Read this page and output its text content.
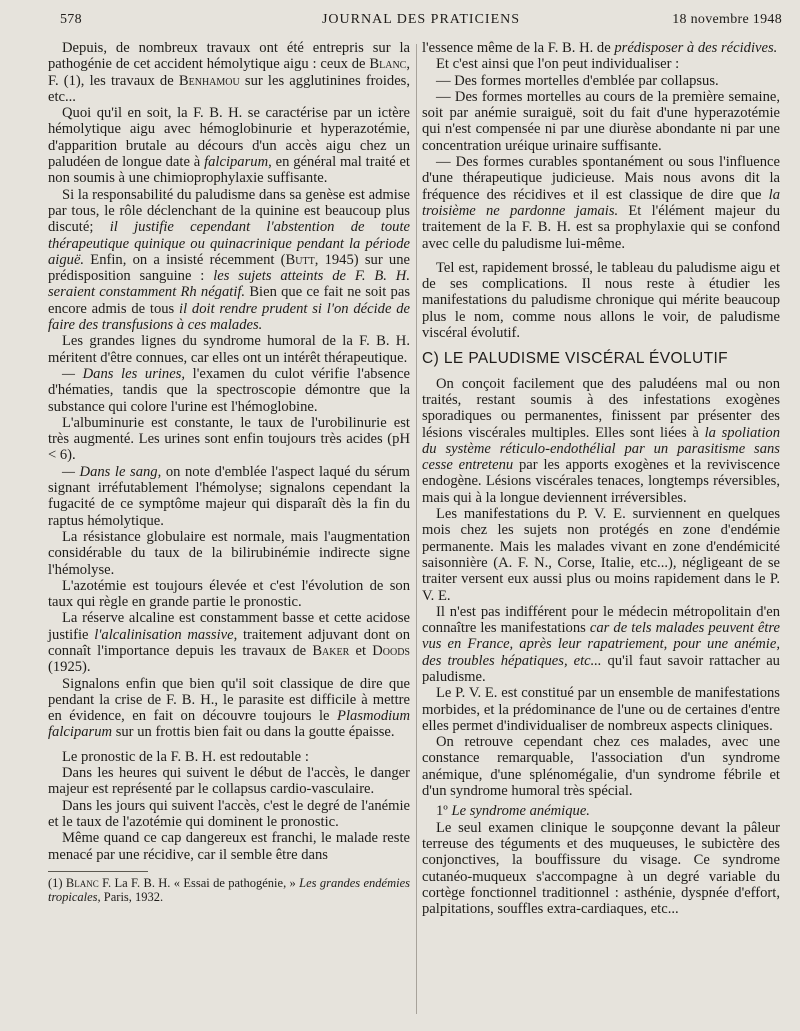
578	JOURNAL DES PRATICIENS	18 novembre 1948

Depuis, de nombreux travaux ont été entrepris sur la pathogénie de cet accident hémolytique aigu : ceux de Blanc, F. (1), les travaux de Benhamou sur les agglutinines froides, etc...

Quoi qu'il en soit, la F. B. H. se caractérise par un ictère hémolytique aigu avec hémoglobinurie et hyperazotémie, d'apparition brutale au décours d'un accès aigu chez un paludéen de longue date à falciparum, en général mal traité et non soumis à une chimioprophylaxie suffisante.

Si la responsabilité du paludisme dans sa genèse est admise par tous, le rôle déclenchant de la quinine est beaucoup plus discuté; il justifie cependant l'abstention de toute thérapeutique quinique ou quinacrinique pendant la période aiguë. Enfin, on a insisté récemment (Butt, 1945) sur une prédisposition sanguine : les sujets atteints de F. B. H. seraient constamment Rh négatif. Bien que ce fait ne soit pas encore admis de tous il doit rendre prudent si l'on décide de faire des transfusions à ces malades.

Les grandes lignes du syndrome humoral de la F. B. H. méritent d'être connues, car elles ont un intérêt thérapeutique.

— Dans les urines, l'examen du culot vérifie l'absence d'hématies, tandis que la spectroscopie démontre que la substance qui colore l'urine est l'hémoglobine.

L'albuminurie est constante, le taux de l'urobilinurie est très augmenté. Les urines sont enfin toujours très acides (pH < 6).

— Dans le sang, on note d'emblée l'aspect laqué du sérum signant irréfutablement l'hémolyse; signalons cependant la fugacité de ce symptôme majeur qui disparaît dès la fin du raptus hémolytique.

La résistance globulaire est normale, mais l'augmentation considérable du taux de la bilirubinémie indirecte signe l'hémolyse.

L'azotémie est toujours élevée et c'est l'évolution de son taux qui règle en grande partie le pronostic.

La réserve alcaline est constamment basse et cette acidose justifie l'alcalinisation massive, traitement adjuvant dont on connaît l'importance depuis les travaux de Baker et Doods (1925).

Signalons enfin que bien qu'il soit classique de dire que pendant la crise de F. B. H., le parasite est difficile à mettre en évidence, en fait on découvre toujours le Plasmodium falciparum sur un frottis bien fait ou dans la goutte épaisse.

Le pronostic de la F. B. H. est redoutable :

Dans les heures qui suivent le début de l'accès, le danger majeur est représenté par le collapsus cardio-vasculaire.

Dans les jours qui suivent l'accès, c'est le degré de l'anémie et le taux de l'azotémie qui dominent le pronostic.

Même quand ce cap dangereux est franchi, le malade reste menacé par une récidive, car il semble être dans

(1) Blanc F. La F. B. H. « Essai de pathogénie, » Les grandes endémies tropicales, Paris, 1932.

l'essence même de la F. B. H. de prédisposer à des récidives.

Et c'est ainsi que l'on peut individualiser :

— Des formes mortelles d'emblée par collapsus.

— Des formes mortelles au cours de la première semaine, soit par anémie suraiguë, soit du fait d'une hyperazotémie qui n'est compensée ni par une diurèse abondante ni par une concentration uréique urinaire suffisante.

— Des formes curables spontanément ou sous l'influence d'une thérapeutique judicieuse. Mais nous avons dit la fréquence des récidives et il est classique de dire que la troisième ne pardonne jamais. Et l'élément majeur du traitement de la F. B. H. est sa prophylaxie qui se confond avec celle du paludisme lui-même.

Tel est, rapidement brossé, le tableau du paludisme aigu et de ses complications. Il nous reste à étudier les manifestations du paludisme chronique qui mérite beaucoup plus le nom, comme nous allons le voir, de paludisme viscéral évolutif.

C) LE PALUDISME VISCÉRAL ÉVOLUTIF

On conçoit facilement que des paludéens mal ou non traités, restant soumis à des infestations exogènes sporadiques ou permanentes, finissent par présenter des lésions viscérales multiples. Elles sont liées à la spoliation du système réticulo-endothélial par un parasitisme sans cesse entretenu par les apports exogènes et la reviviscence endogène. Lésions viscérales tenaces, longtemps réversibles, mais qui à la longue deviennent irréversibles.

Les manifestations du P. V. E. surviennent en quelques mois chez les sujets non protégés en zone d'endémie permanente. Mais les malades vivant en zone d'endémicité saisonnière (A. F. N., Corse, Italie, etc...), négligeant de se traiter versent eux aussi plus ou moins rapidement dans le P. V. E.

Il n'est pas indifférent pour le médecin métropolitain d'en connaître les manifestations car de tels malades peuvent être vus en France, après leur rapatriement, pour une anémie, des troubles hépatiques, etc... qu'il faut savoir rattacher au paludisme.

Le P. V. E. est constitué par un ensemble de manifestations morbides, et la prédominance de l'une ou de certaines d'entre elles permet d'individualiser de nombreux aspects cliniques.

On retrouve cependant chez ces malades, avec une constance remarquable, l'association d'un syndrome anémique, d'une splénomégalie, d'un syndrome fébrile et d'un syndrome humoral très spécial.

1º Le syndrome anémique.

Le seul examen clinique le soupçonne devant la pâleur terreuse des téguments et des muqueuses, le subictère des conjonctives, la bouffissure du visage. Ce syndrome cutanéo-muqueux s'accompagne à un degré variable du cortège fonctionnel traditionnel : asthénie, dyspnée d'effort, palpitations, souffles extra-cardiaques, etc...
